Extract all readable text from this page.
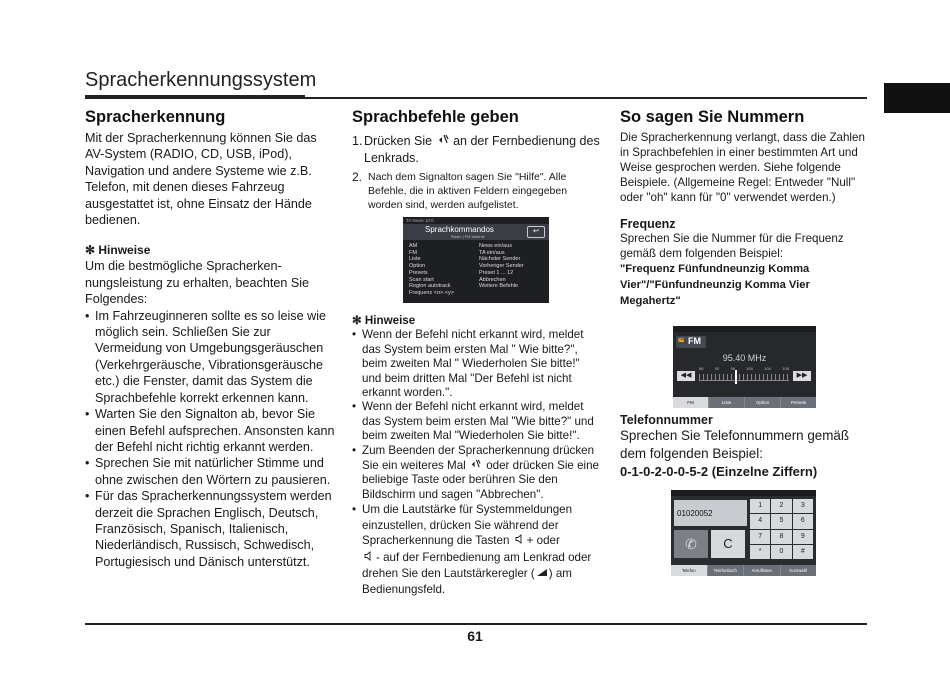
Spracherkennungssystem
Spracherkennung

Mit der Spracherkennung können Sie das AV-System (RADIO, CD, USB, iPod), Navigation und andere Systeme wie z.B. Telefon, mit denen dieses Fahrzeug ausgestattet ist, ohne Einsatz der Hände bedienen.

✻ Hinweise

Um die bestmögliche Spracherkennungsleistung zu erhalten, beachten Sie Folgendes:

• Im Fahrzeuginneren sollte es so leise wie möglich sein. Schließen Sie zur Vermeidung von Umgebungsgeräuschen (Verkehrgeräusche, Vibrationsgeräusche etc.) die Fenster, damit das System die Sprachbefehle korrekt erkennen kann.
• Warten Sie den Signalton ab, bevor Sie einen Befehl aufsprechen. Ansonsten kann der Befehl nicht richtig erkannt werden.
• Sprechen Sie mit natürlicher Stimme und ohne zwischen den Wörtern zu pausieren.
• Für das Spracherkennungssystem werden derzeit die Sprachen Englisch, Deutsch, Französisch, Spanisch, Italienisch, Niederländisch, Russisch, Schwedisch, Portugiesisch und Dänisch unterstützt.
Sprachbefehle geben
1. Drücken Sie an der Fernbedienung des Lenkrads.
2. Nach dem Signalton sagen Sie "Hilfe". Alle Befehle, die in aktiven Feldern eingegeben worden sind, werden aufgelistet.
TA News 10:0
Sprachkommandos
Radio | FM befehle
↩
AM
FM
Liste
Option
Presets
Scan start
Region autotrack
Frequenz <n>.<y>
News ein/aus
TA ein/aus
Nächster Sender
Vorheriger Sender
Preset 1 ... 12
Abbrechen
Weitere Befehle
✻ Hinweise
• Wenn der Befehl nicht erkannt wird, meldet das System beim ersten Mal " Wie bitte?", beim zweiten Mal " Wiederholen Sie bitte!" und beim dritten Mal "Der Befehl ist nicht erkannt worden.".
• Wenn der Befehl nicht erkannt wird, meldet das System beim ersten Mal "Wie bitte?" und beim zweiten Mal "Wiederholen Sie bitte!".
• Zum Beenden der Spracherkennung drücken Sie ein weiteres Mal oder drücken Sie eine beliebige Taste oder berühren Sie den Bildschirm und sagen "Abbrechen".
• Um die Lautstärke für Systemmeldungen einzustellen, drücken Sie während der Spracherkennung die Tasten + oder
- auf der Fernbedienung am Lenkrad oder drehen Sie den Lautstärkeregler ( ) am Bedienungsfeld.
So sagen Sie Nummern

Die Spracherkennung verlangt, dass die Zahlen in Sprachbefehlen in einer bestimmten Art und Weise gesprochen werden. Siehe folgende Beispiele. (Allgemeine Regel: Entweder "Null" oder "oh" kann für "0" verwendet werden.)

Frequenz

Sprechen Sie die Nummer für die Frequenz gemäß dem folgenden Beispiel:

"Frequenz Fünfundneunzig Komma Vier"/"Fünfundneunzig Komma Vier Megahertz"

📻 FM
95.40 MHz
◀◀	▶▶
88	92	96	100	104	108
FM	Liste	Option	Presets
Telefonnummer

Sprechen Sie Telefonnummern gemäß dem folgenden Beispiel:

0-1-0-2-0-0-5-2 (Einzelne Ziffern)

01020052
✆	C
1	2	3
4	5	6
7	8	9
*	0	#
Telefon	Telefonbuch	Anruflisten	Kurzwahl
61
